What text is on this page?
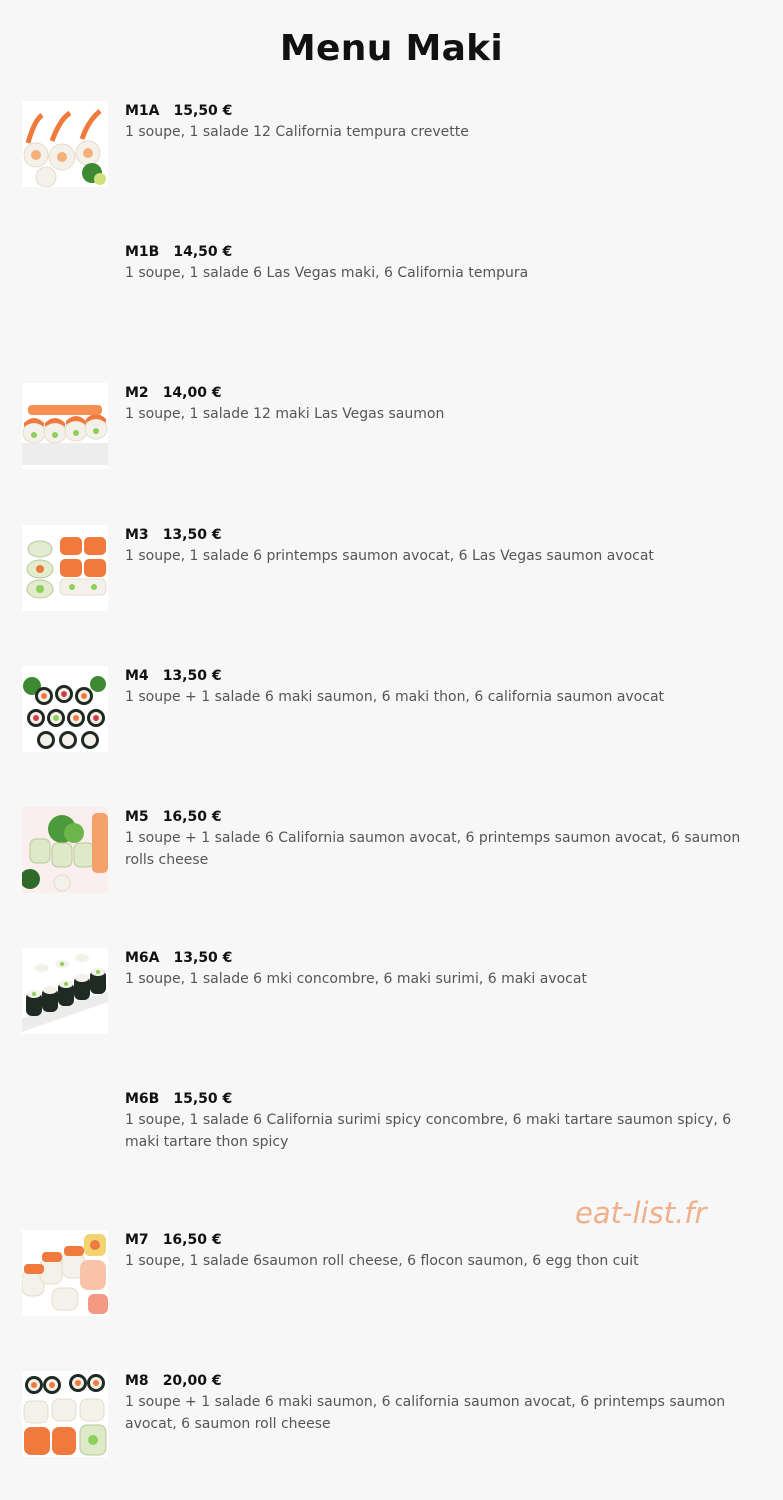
Menu Maki
M1A 15,50 €
1 soupe, 1 salade 12 California tempura crevette
M1B 14,50 €
1 soupe, 1 salade 6 Las Vegas maki, 6 California tempura
M2 14,00 €
1 soupe, 1 salade 12 maki Las Vegas saumon
M3 13,50 €
1 soupe, 1 salade 6 printemps saumon avocat, 6 Las Vegas saumon avocat
M4 13,50 €
1 soupe + 1 salade 6 maki saumon, 6 maki thon, 6 california saumon avocat
M5 16,50 €
1 soupe + 1 salade 6 California saumon avocat, 6 printemps saumon avocat, 6 saumon rolls cheese
M6A 13,50 €
1 soupe, 1 salade 6 mki concombre, 6 maki surimi, 6 maki avocat
M6B 15,50 €
1 soupe, 1 salade 6 California surimi spicy concombre, 6 maki tartare saumon spicy, 6 maki tartare thon spicy
eat-list.fr
M7 16,50 €
1 soupe, 1 salade 6saumon roll cheese, 6 flocon saumon, 6 egg thon cuit
M8 20,00 €
1 soupe + 1 salade 6 maki saumon, 6 california saumon avocat, 6 printemps saumon avocat, 6 saumon roll cheese
